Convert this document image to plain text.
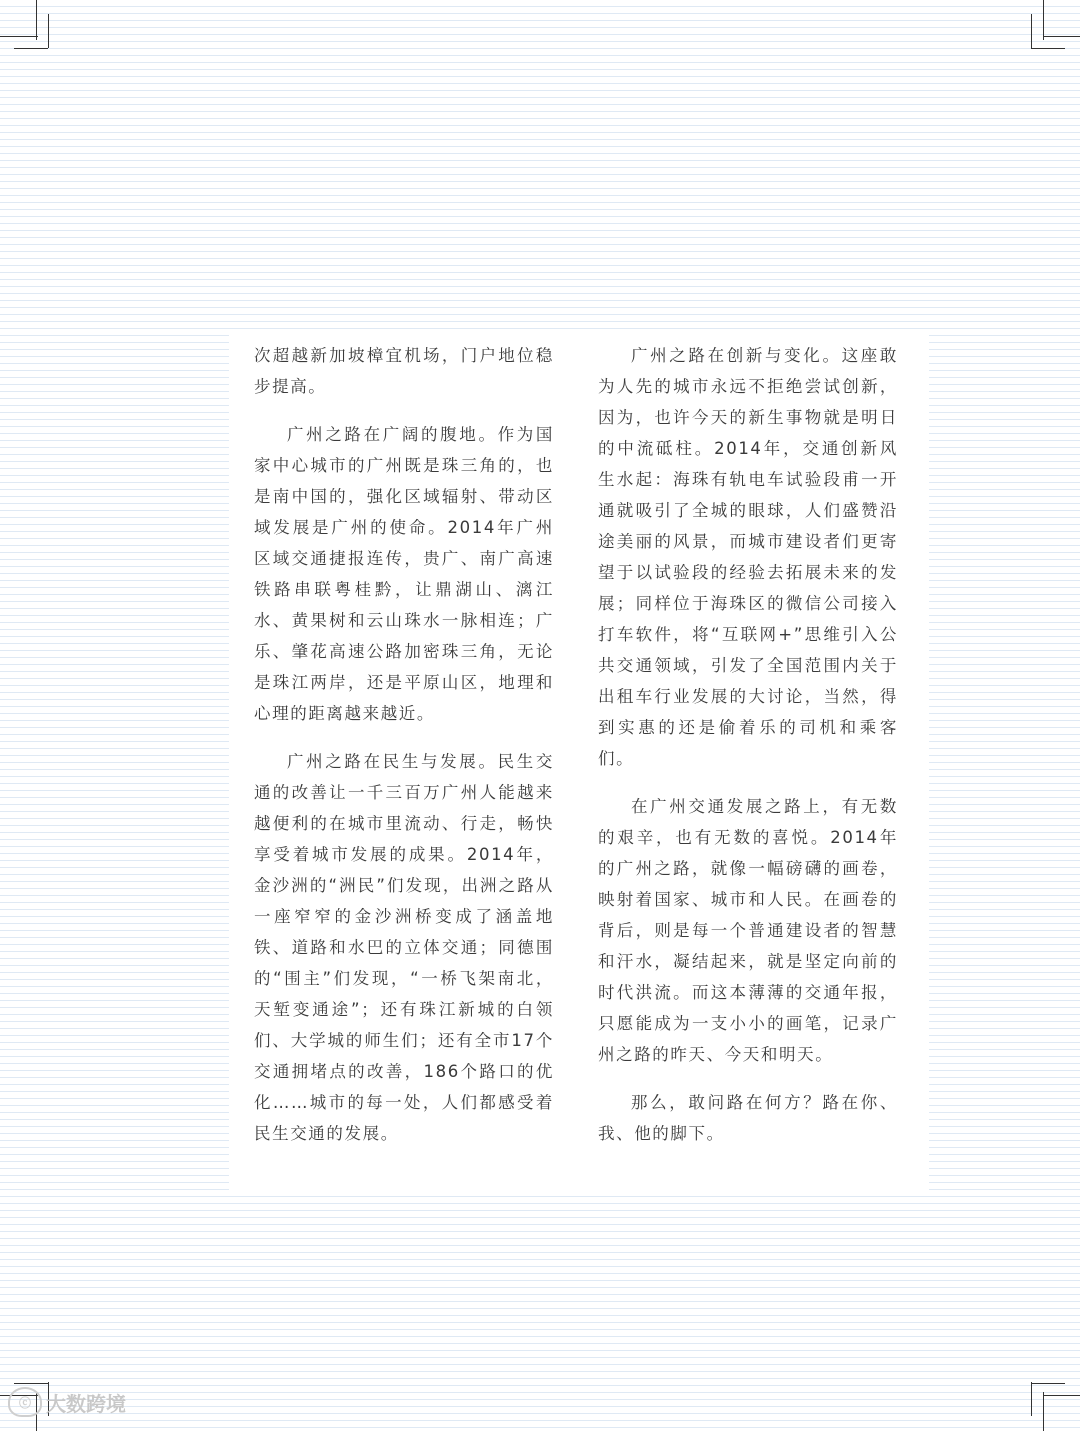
次超越新加坡樟宜机场，门户地位稳步提高。

广州之路在广阔的腹地。作为国家中心城市的广州既是珠三角的，也是南中国的，强化区域辐射、带动区域发展是广州的使命。2014年广州区域交通捷报连传，贵广、南广高速铁路串联粤桂黔，让鼎湖山、漓江水、黄果树和云山珠水一脉相连；广乐、肇花高速公路加密珠三角，无论是珠江两岸，还是平原山区，地理和心理的距离越来越近。

广州之路在民生与发展。民生交通的改善让一千三百万广州人能越来越便利的在城市里流动、行走，畅快享受着城市发展的成果。2014年，金沙洲的“洲民”们发现，出洲之路从一座窄窄的金沙洲桥变成了涵盖地铁、道路和水巴的立体交通；同德围的“围主”们发现，“一桥飞架南北，天堑变通途”；还有珠江新城的白领们、大学城的师生们；还有全市17个交通拥堵点的改善，186个路口的优化……城市的每一处，人们都感受着民生交通的发展。

广州之路在创新与变化。这座敢为人先的城市永远不拒绝尝试创新，因为，也许今天的新生事物就是明日的中流砥柱。2014年，交通创新风生水起：海珠有轨电车试验段甫一开通就吸引了全城的眼球，人们盛赞沿途美丽的风景，而城市建设者们更寄望于以试验段的经验去拓展未来的发展；同样位于海珠区的微信公司接入打车软件，将“互联网+”思维引入公共交通领域，引发了全国范围内关于出租车行业发展的大讨论，当然，得到实惠的还是偷着乐的司机和乘客们。

在广州交通发展之路上，有无数的艰辛，也有无数的喜悦。2014年的广州之路，就像一幅磅礴的画卷，映射着国家、城市和人民。在画卷的背后，则是每一个普通建设者的智慧和汗水，凝结起来，就是坚定向前的时代洪流。而这本薄薄的交通年报，只愿能成为一支小小的画笔，记录广州之路的昨天、今天和明天。

那么，敢问路在何方？路在你、我、他的脚下。

ⓒ 大数跨境
